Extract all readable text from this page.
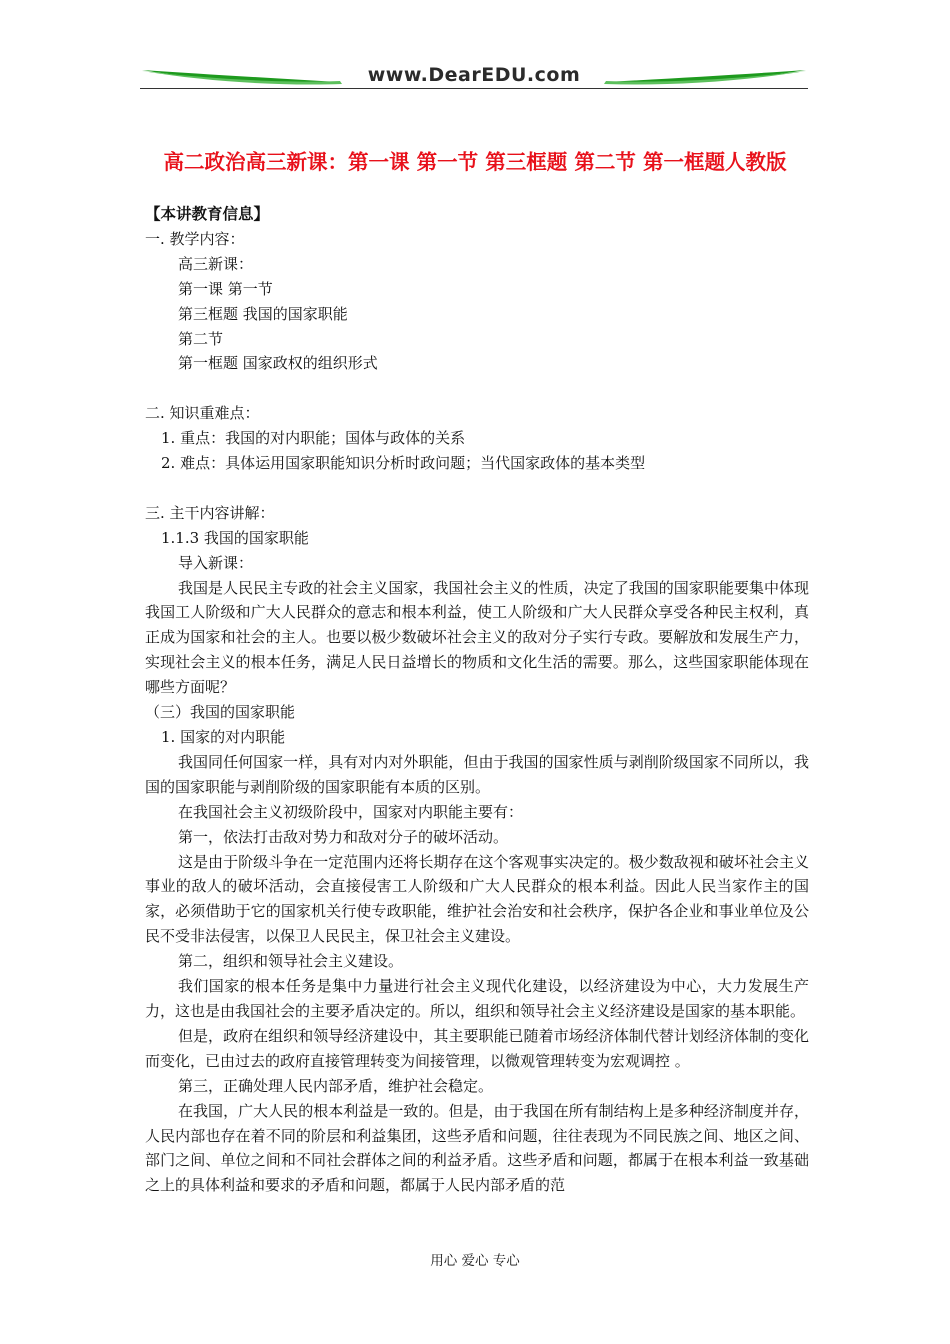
www.DearEDU.com
高二政治高三新课：第一课 第一节 第三框题 第二节 第一框题人教版

【本讲教育信息】

一. 教学内容：

高三新课：

第一课 第一节

第三框题 我国的国家职能

第二节

第一框题 国家政权的组织形式

二. 知识重难点：

1. 重点：我国的对内职能；国体与政体的关系

2. 难点：具体运用国家职能知识分析时政问题；当代国家政体的基本类型

三. 主干内容讲解：

1.1.3 我国的国家职能

导入新课：

我国是人民民主专政的社会主义国家，我国社会主义的性质，决定了我国的国家职能要集中体现我国工人阶级和广大人民群众的意志和根本利益，使工人阶级和广大人民群众享受各种民主权利，真正成为国家和社会的主人。也要以极少数破坏社会主义的敌对分子实行专政。要解放和发展生产力，实现社会主义的根本任务，满足人民日益增长的物质和文化生活的需要。那么，这些国家职能体现在哪些方面呢？

（三）我国的国家职能

1. 国家的对内职能

我国同任何国家一样，具有对内对外职能，但由于我国的国家性质与剥削阶级国家不同所以，我国的国家职能与剥削阶级的国家职能有本质的区别。

在我国社会主义初级阶段中，国家对内职能主要有：

第一，依法打击敌对势力和敌对分子的破坏活动。

这是由于阶级斗争在一定范围内还将长期存在这个客观事实决定的。极少数敌视和破坏社会主义事业的敌人的破坏活动，会直接侵害工人阶级和广大人民群众的根本利益。因此人民当家作主的国家，必须借助于它的国家机关行使专政职能，维护社会治安和社会秩序，保护各企业和事业单位及公民不受非法侵害，以保卫人民民主，保卫社会主义建设。

第二，组织和领导社会主义建设。

我们国家的根本任务是集中力量进行社会主义现代化建设，以经济建设为中心，大力发展生产力，这也是由我国社会的主要矛盾决定的。所以，组织和领导社会主义经济建设是国家的基本职能。

但是，政府在组织和领导经济建设中，其主要职能已随着市场经济体制代替计划经济体制的变化而变化，已由过去的政府直接管理转变为间接管理，以微观管理转变为宏观调控 。

第三，正确处理人民内部矛盾，维护社会稳定。

在我国，广大人民的根本利益是一致的。但是，由于我国在所有制结构上是多种经济制度并存，人民内部也存在着不同的阶层和利益集团，这些矛盾和问题，往往表现为不同民族之间、地区之间、部门之间、单位之间和不同社会群体之间的利益矛盾。这些矛盾和问题，都属于在根本利益一致基础之上的具体利益和要求的矛盾和问题，都属于人民内部矛盾的范

用心 爱心 专心
